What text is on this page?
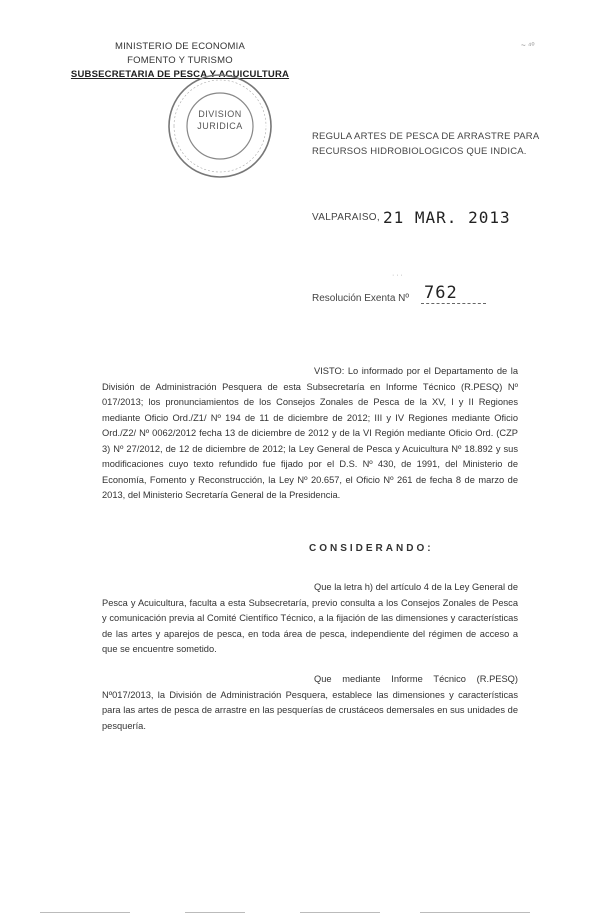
MINISTERIO DE ECONOMIA
FOMENTO Y TURISMO
SUBSECRETARIA DE PESCA Y ACUICULTURA
~ ⁴⁰
DIVISION
JURIDICA
REGULA ARTES DE PESCA DE ARRASTRE PARA RECURSOS HIDROBIOLOGICOS QUE INDICA.
VALPARAISO, 21 MAR. 2013
· · ·
Resolución Exenta Nº 762
VISTO: Lo informado por el Departamento de la División de Administración Pesquera de esta Subsecretaría en Informe Técnico (R.PESQ) Nº 017/2013; los pronunciamientos de los Consejos Zonales de Pesca de la XV, I y II Regiones mediante Oficio Ord./Z1/ Nº 194 de 11 de diciembre de 2012; III y IV Regiones mediante Oficio Ord./Z2/ Nº 0062/2012 fecha 13 de diciembre de 2012 y de la VI Región mediante Oficio Ord. (CZP 3) Nº 27/2012, de 12 de diciembre de 2012; la Ley General de Pesca y Acuicultura Nº 18.892 y sus modificaciones cuyo texto refundido fue fijado por el D.S. Nº 430, de 1991, del Ministerio de Economía, Fomento y Reconstrucción, la Ley Nº 20.657, el Oficio Nº 261 de fecha 8 de marzo de 2013, del Ministerio Secretaría General de la Presidencia.
CONSIDERANDO:
Que la letra h) del artículo 4 de la Ley General de Pesca y Acuicultura, faculta a esta Subsecretaría, previo consulta a los Consejos Zonales de Pesca y comunicación previa al Comité Científico Técnico, a la fijación de las dimensiones y características de las artes y aparejos de pesca, en toda área de pesca, independiente del régimen de acceso a que se encuentre sometido.
Que mediante Informe Técnico (R.PESQ) Nº017/2013, la División de Administración Pesquera, establece las dimensiones y características para las artes de pesca de arrastre en las pesquerías de crustáceos demersales en sus unidades de pesquería.
